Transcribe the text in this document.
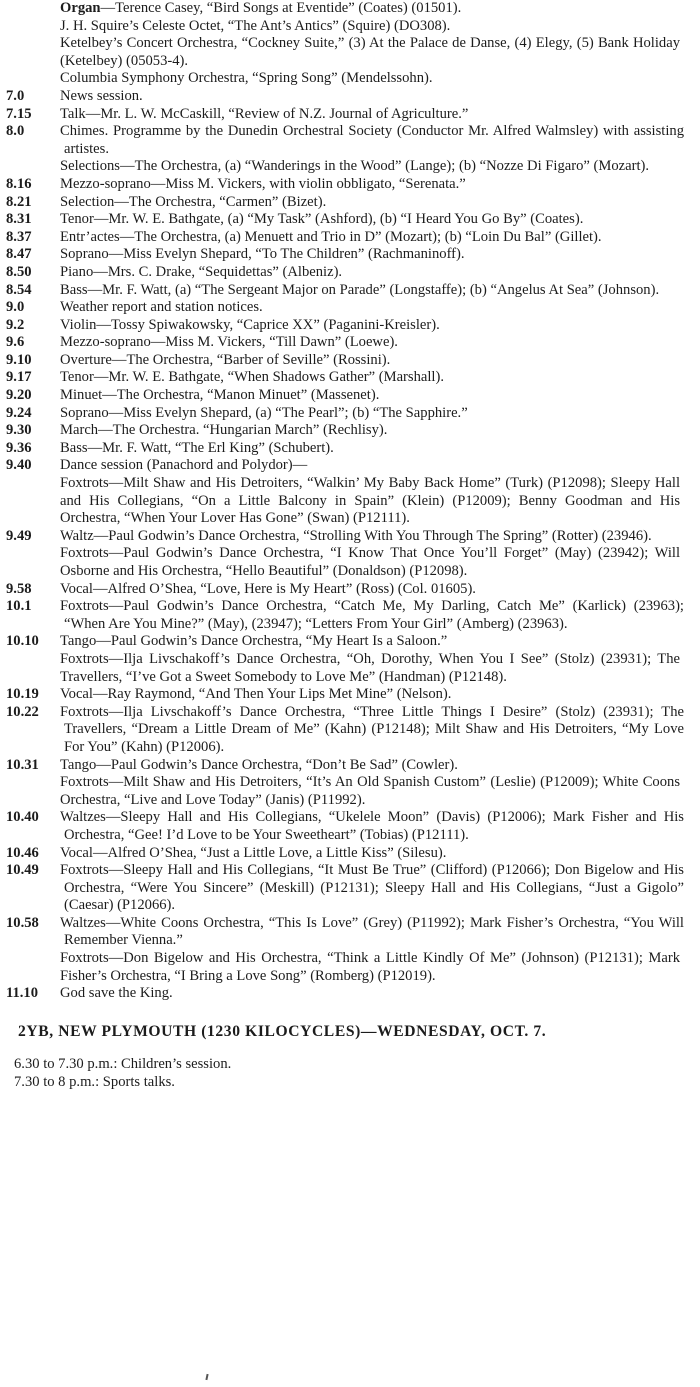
Organ—Terence Casey, “Bird Songs at Eventide” (Coates) (01501).
J. H. Squire’s Celeste Octet, “The Ant’s Antics” (Squire) (DO308).
Ketelbey’s Concert Orchestra, “Cockney Suite,” (3) At the Palace de Danse, (4) Elegy, (5) Bank Holiday (Ketelbey) (05053-4).
Columbia Symphony Orchestra, “Spring Song” (Mendelssohn).
7.0	News session.
7.15	Talk—Mr. L. W. McCaskill, “Review of N.Z. Journal of Agriculture.”
8.0	Chimes. Programme by the Dunedin Orchestral Society (Conductor Mr. Alfred Walmsley) with assisting artistes.
Selections—The Orchestra, (a) “Wanderings in the Wood” (Lange); (b) “Nozze Di Figaro” (Mozart).
8.16	Mezzo-soprano—Miss M. Vickers, with violin obbligato, “Serenata.”
8.21	Selection—The Orchestra, “Carmen” (Bizet).
8.31	Tenor—Mr. W. E. Bathgate, (a) “My Task” (Ashford), (b) “I Heard You Go By” (Coates).
8.37	Entr’actes—The Orchestra, (a) Menuett and Trio in D” (Mozart); (b) “Loin Du Bal” (Gillet).
8.47	Soprano—Miss Evelyn Shepard, “To The Children” (Rachmaninoff).
8.50	Piano—Mrs. C. Drake, “Sequidettas” (Albeniz).
8.54	Bass—Mr. F. Watt, (a) “The Sergeant Major on Parade” (Longstaffe); (b) “Angelus At Sea” (Johnson).
9.0	Weather report and station notices.
9.2	Violin—Tossy Spiwakowsky, “Caprice XX” (Paganini-Kreisler).
9.6	Mezzo-soprano—Miss M. Vickers, “Till Dawn” (Loewe).
9.10	Overture—The Orchestra, “Barber of Seville” (Rossini).
9.17	Tenor—Mr. W. E. Bathgate, “When Shadows Gather” (Marshall).
9.20	Minuet—The Orchestra, “Manon Minuet” (Massenet).
9.24	Soprano—Miss Evelyn Shepard, (a) “The Pearl”; (b) “The Sapphire.”
9.30	March—The Orchestra. “Hungarian March” (Rechlisy).
9.36	Bass—Mr. F. Watt, “The Erl King” (Schubert).
9.40	Dance session (Panachord and Polydor)—
Foxtrots—Milt Shaw and His Detroiters, “Walkin’ My Baby Back Home” (Turk) (P12098); Sleepy Hall and His Collegians, “On a Little Balcony in Spain” (Klein) (P12009); Benny Goodman and His Orchestra, “When Your Lover Has Gone” (Swan) (P12111).
9.49	Waltz—Paul Godwin’s Dance Orchestra, “Strolling With You Through The Spring” (Rotter) (23946).
Foxtrots—Paul Godwin’s Dance Orchestra, “I Know That Once You’ll Forget” (May) (23942); Will Osborne and His Orchestra, “Hello Beautiful” (Donaldson) (P12098).
9.58	Vocal—Alfred O’Shea, “Love, Here is My Heart” (Ross) (Col. 01605).
10.1	Foxtrots—Paul Godwin’s Dance Orchestra, “Catch Me, My Darling, Catch Me” (Karlick) (23963); “When Are You Mine?” (May), (23947); “Letters From Your Girl” (Amberg) (23963).
10.10	Tango—Paul Godwin’s Dance Orchestra, “My Heart Is a Saloon.”
Foxtrots—Ilja Livschakoff’s Dance Orchestra, “Oh, Dorothy, When You I See” (Stolz) (23931); The Travellers, “I’ve Got a Sweet Somebody to Love Me” (Handman) (P12148).
10.19	Vocal—Ray Raymond, “And Then Your Lips Met Mine” (Nelson).
10.22	Foxtrots—Ilja Livschakoff’s Dance Orchestra, “Three Little Things I Desire” (Stolz) (23931); The Travellers, “Dream a Little Dream of Me” (Kahn) (P12148); Milt Shaw and His Detroiters, “My Love For You” (Kahn) (P12006).
10.31	Tango—Paul Godwin’s Dance Orchestra, “Don’t Be Sad” (Cowler).
Foxtrots—Milt Shaw and His Detroiters, “It’s An Old Spanish Custom” (Leslie) (P12009); White Coons Orchestra, “Live and Love Today” (Janis) (P11992).
10.40	Waltzes—Sleepy Hall and His Collegians, “Ukelele Moon” (Davis) (P12006); Mark Fisher and His Orchestra, “Gee! I’d Love to be Your Sweetheart” (Tobias) (P12111).
10.46	Vocal—Alfred O’Shea, “Just a Little Love, a Little Kiss” (Silesu).
10.49	Foxtrots—Sleepy Hall and His Collegians, “It Must Be True” (Clifford) (P12066); Don Bigelow and His Orchestra, “Were You Sincere” (Meskill) (P12131); Sleepy Hall and His Collegians, “Just a Gigolo” (Caesar) (P12066).
10.58	Waltzes—White Coons Orchestra, “This Is Love” (Grey) (P11992); Mark Fisher’s Orchestra, “You Will Remember Vienna.”
Foxtrots—Don Bigelow and His Orchestra, “Think a Little Kindly Of Me” (Johnson) (P12131); Mark Fisher’s Orchestra, “I Bring a Love Song” (Romberg) (P12019).
11.10	God save the King.
2YB, NEW PLYMOUTH (1230 KILOCYCLES)—WEDNESDAY, OCT. 7.
6.30 to 7.30 p.m.: Children’s session.
7.30 to 8 p.m.: Sports talks.
